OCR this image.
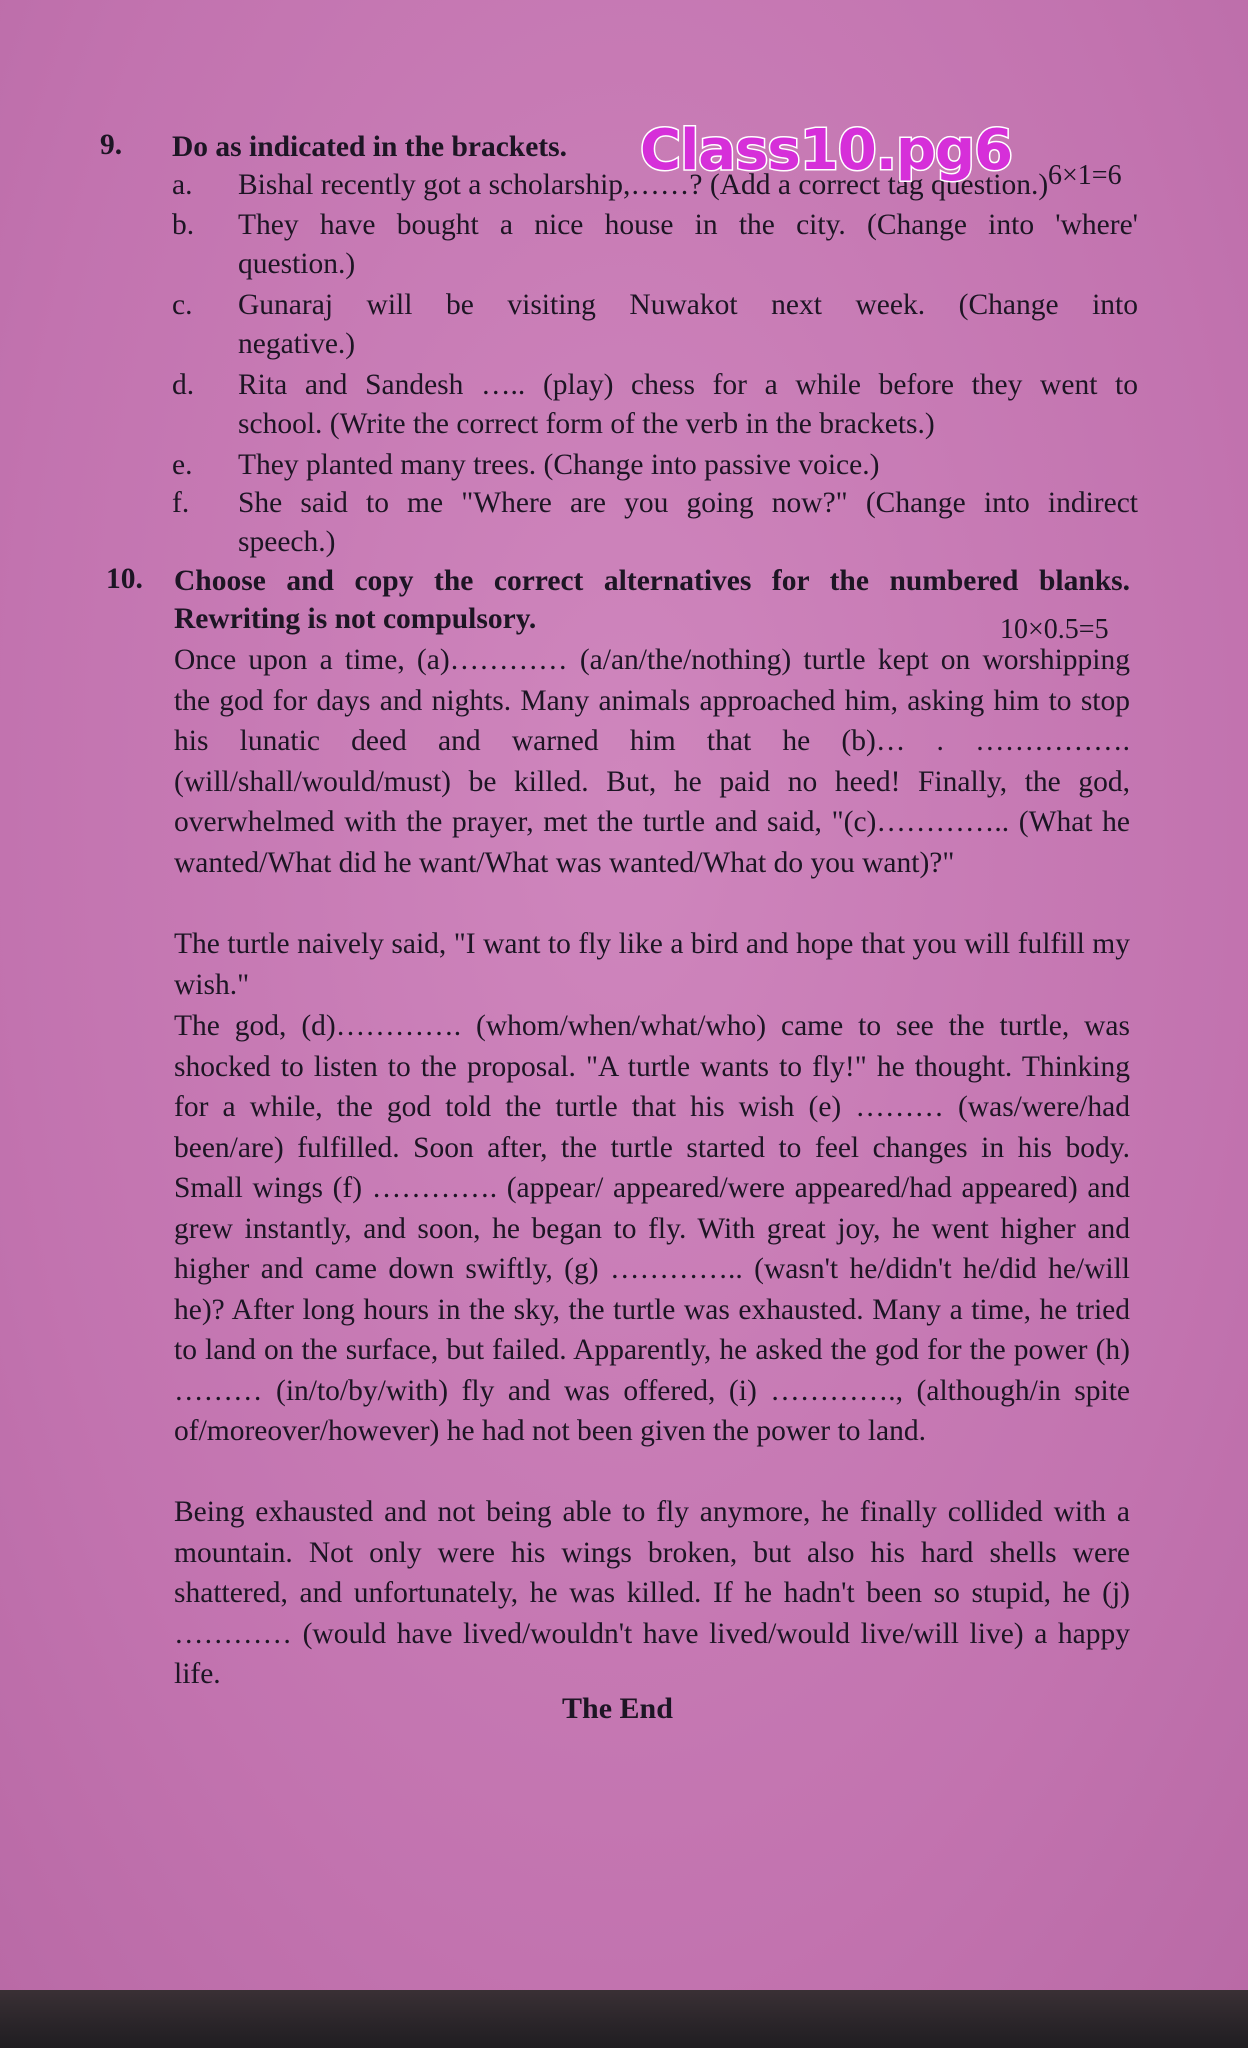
9. Do as indicated in the brackets.
6×1=6
a. Bishal recently got a scholarship,……? (Add a correct tag question.)
b. They have bought a nice house in the city. (Change into 'where'
question.)
c. Gunaraj will be visiting Nuwakot next week. (Change into
negative.)
d. Rita and Sandesh ….. (play) chess for a while before they went to
school. (Write the correct form of the verb in the brackets.)
e. They planted many trees. (Change into passive voice.)
f. She said to me "Where are you going now?" (Change into indirect
speech.)
Class10.pg6
10. Choose and copy the correct alternatives for the numbered blanks.
Rewriting is not compulsory.	10×0.5=5
Once upon a time, (a)………… (a/an/the/nothing) turtle kept on worshipping the god for days and nights. Many animals approached him, asking him to stop his lunatic deed and warned him that he (b)… . ……………. (will/shall/would/must) be killed. But, he paid no heed! Finally, the god, overwhelmed with the prayer, met the turtle and said, "(c)………….. (What he wanted/What did he want/What was wanted/What do you want)?"
The turtle naively said, "I want to fly like a bird and hope that you will fulfill my wish."
The god, (d)…………. (whom/when/what/who) came to see the turtle, was shocked to listen to the proposal. "A turtle wants to fly!" he thought. Thinking for a while, the god told the turtle that his wish (e) ……… (was/were/had been/are) fulfilled. Soon after, the turtle started to feel changes in his body. Small wings (f) …………. (appear/ appeared/were appeared/had appeared) and grew instantly, and soon, he began to fly. With great joy, he went higher and higher and came down swiftly, (g) ………….. (wasn't he/didn't he/did he/will he)? After long hours in the sky, the turtle was exhausted. Many a time, he tried to land on the surface, but failed. Apparently, he asked the god for the power (h) ……… (in/to/by/with) fly and was offered, (i) …………., (although/in spite of/moreover/however) he had not been given the power to land.
Being exhausted and not being able to fly anymore, he finally collided with a mountain. Not only were his wings broken, but also his hard shells were shattered, and unfortunately, he was killed. If he hadn't been so stupid, he (j) ………… (would have lived/wouldn't have lived/would live/will live) a happy life.
The End
